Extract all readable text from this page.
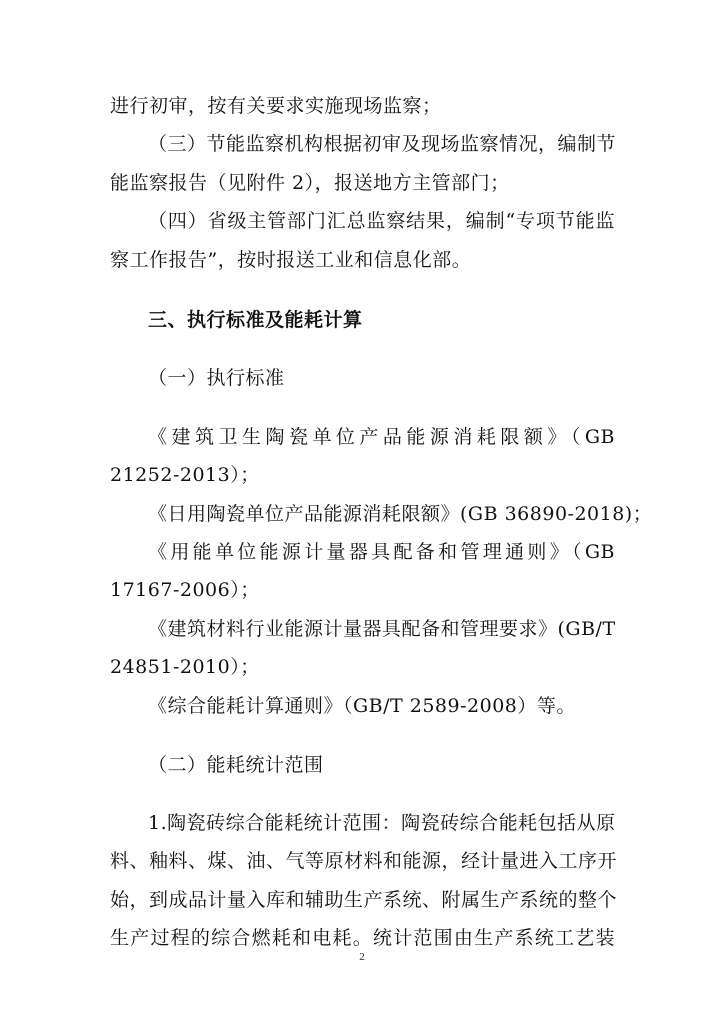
进行初审，按有关要求实施现场监察；
（三）节能监察机构根据初审及现场监察情况，编制节
能监察报告（见附件 2），报送地方主管部门；
（四）省级主管部门汇总监察结果，编制“专项节能监
察工作报告”，按时报送工业和信息化部。
三、执行标准及能耗计算
（一）执行标准
《建筑卫生陶瓷单位产品能源消耗限额》（GB
21252-2013）；
《日用陶瓷单位产品能源消耗限额》(GB 36890-2018)；
《用能单位能源计量器具配备和管理通则》（GB
17167-2006）；
《建筑材料行业能源计量器具配备和管理要求》(GB/T
24851-2010）；
《综合能耗计算通则》（GB/T 2589-2008）等。
（二）能耗统计范围
1.陶瓷砖综合能耗统计范围：陶瓷砖综合能耗包括从原
料、釉料、煤、油、气等原材料和能源，经计量进入工序开
始，到成品计量入库和辅助生产系统、附属生产系统的整个
生产过程的综合燃耗和电耗。统计范围由生产系统工艺装
2
